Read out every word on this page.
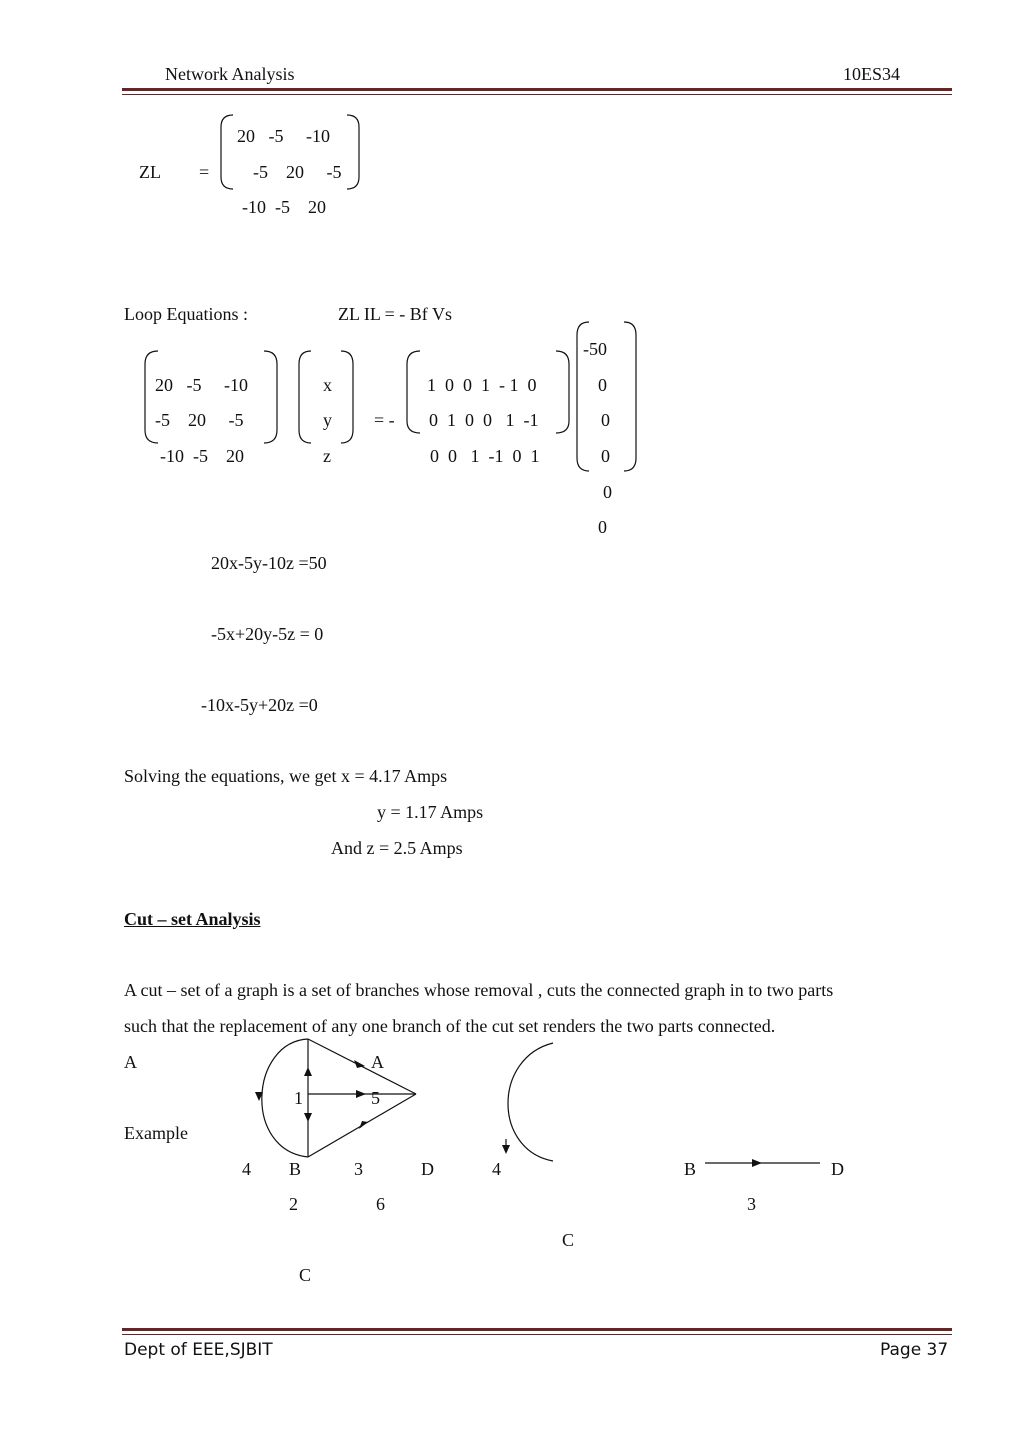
Network Analysis	10ES34
ZL =
20   -5     -10
-5    20     -5
-10  -5    20
Loop Equations :	ZL IL = - Bf Vs
20   -5     -10
-5    20     -5
-10  -5    20
x
y
z
= -
1  0  0  1  - 1  0
0  1  0  0   1  -1
0  0   1  -1  0  1
-50
0
0
0
0
0
20x-5y-10z =50
-5x+20y-5z = 0
-10x-5y+20z =0
Solving the equations, we get x = 4.17 Amps
y = 1.17 Amps
And z = 2.5 Amps
Cut – set Analysis
A cut – set of a graph is a set of branches whose removal , cuts the connected graph in to two parts
such that the replacement of any one branch of the cut set renders the two parts connected.
A
Example
A
1	5
4 B	3	D
2	6
C
4
C
B	D
3
Dept of EEE,SJBIT	Page 37
